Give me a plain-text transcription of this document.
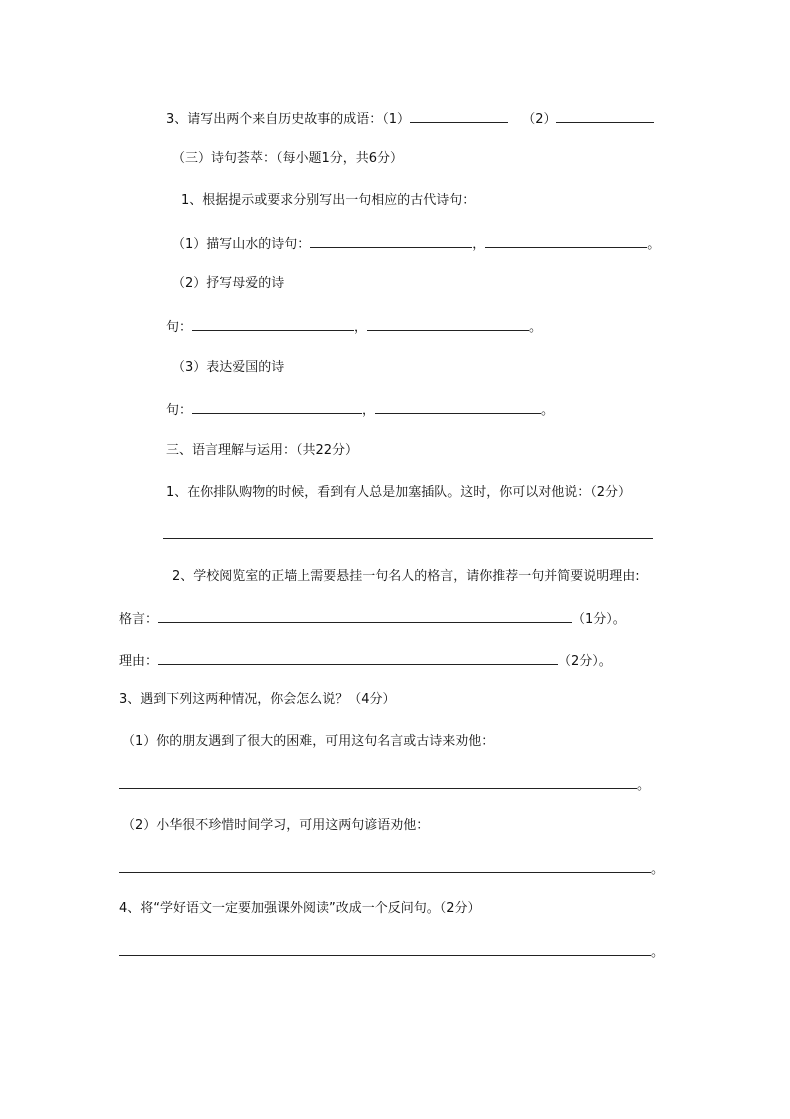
3、请写出两个来自历史故事的成语：（1）	（2）
（三）诗句荟萃：（每小题1分，共6分）
1、根据提示或要求分别写出一句相应的古代诗句：
（1）描写山水的诗句：	，	。
（2）抒写母爱的诗
句：	，	。
（3）表达爱国的诗
句：	，	。
三、语言理解与运用：（共22分）
1、在你排队购物的时候，看到有人总是加塞插队。这时，你可以对他说：（2分）
2、学校阅览室的正墙上需要悬挂一句名人的格言，请你推荐一句并简要说明理由:
格言：	（1分）。
理由：	（2分）。
3、遇到下列这两种情况，你会怎么说？（4分）
（1）你的朋友遇到了很大的困难，可用这句名言或古诗来劝他：
。
（2）小华很不珍惜时间学习，可用这两句谚语劝他：
。
4、将“学好语文一定要加强课外阅读”改成一个反问句。（2分）
。
